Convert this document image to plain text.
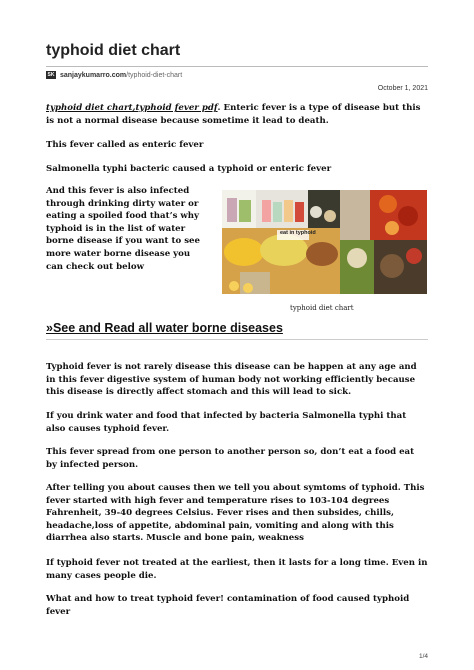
typhoid diet chart
SK sanjaykumarro.com/typhoid-diet-chart
October 1, 2021

typhoid diet chart,typhoid fever pdf. Enteric fever is a type of disease but this is not a normal disease because sometime it lead to death.

This fever called as enteric fever

Salmonella typhi bacteric caused a typhoid or enteric fever

And this fever is also infected through drinking dirty water or eating a spoiled food that’s why typhoid is in the list of water borne disease if you want to see more water borne disease you can check out below

eat in typhoid
typhoid diet chart
»See and Read all water borne diseases

Typhoid fever is not rarely disease this disease can be happen at any age and in this fever digestive system of human body not working efficiently because this disease is directly affect stomach and this will lead to sick.

If you drink water and food that infected by bacteria Salmonella typhi that also causes typhoid fever.

This fever spread from one person to another person so, don’t eat a food eat by infected person.

After telling you about causes then we tell you about symtoms of typhoid. This fever started with high fever and temperature rises to 103-104 degrees Fahrenheit, 39-40 degrees Celsius. Fever rises and then subsides, chills, headache,loss of appetite, abdominal pain, vomiting and along with this diarrhea also starts. Muscle and bone pain, weakness

If typhoid fever not treated at the earliest, then it lasts for a long time. Even in many cases people die.

What and how to treat typhoid fever! contamination of food caused typhoid fever

1/4
